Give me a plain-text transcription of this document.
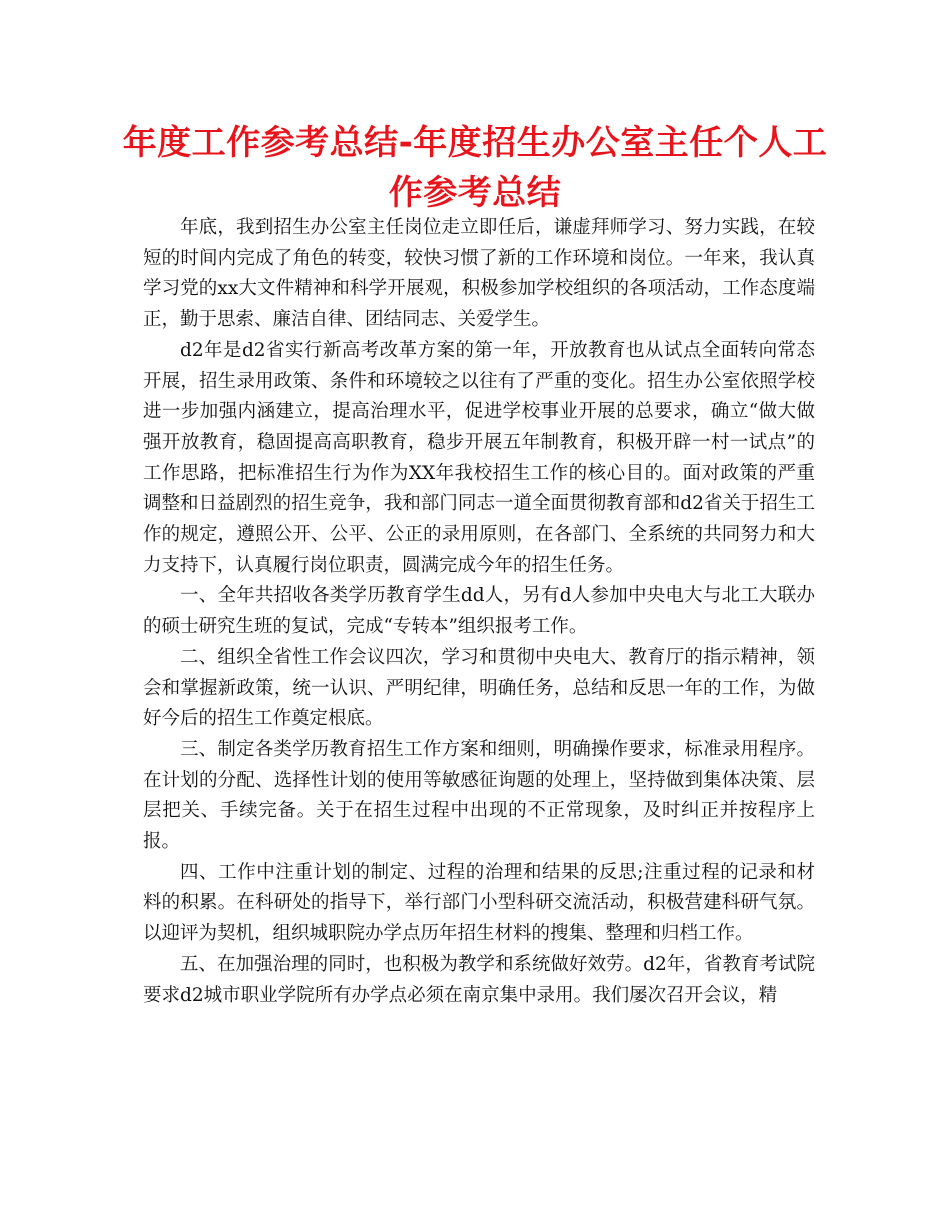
年度工作参考总结-年度招生办公室主任个人工作参考总结

年底，我到招生办公室主任岗位走立即任后，谦虚拜师学习、努力实践，在较短的时间内完成了角色的转变，较快习惯了新的工作环境和岗位。一年来，我认真学习党的xx大文件精神和科学开展观，积极参加学校组织的各项活动，工作态度端正，勤于思索、廉洁自律、团结同志、关爱学生。

d2年是d2省实行新高考改革方案的第一年，开放教育也从试点全面转向常态开展，招生录用政策、条件和环境较之以往有了严重的变化。招生办公室依照学校进一步加强内涵建立，提高治理水平，促进学校事业开展的总要求，确立“做大做强开放教育，稳固提高高职教育，稳步开展五年制教育，积极开辟一村一试点”的工作思路，把标准招生行为作为XX年我校招生工作的核心目的。面对政策的严重调整和日益剧烈的招生竞争，我和部门同志一道全面贯彻教育部和d2省关于招生工作的规定，遵照公开、公平、公正的录用原则，在各部门、全系统的共同努力和大力支持下，认真履行岗位职责，圆满完成今年的招生任务。

一、全年共招收各类学历教育学生dd人，另有d人参加中央电大与北工大联办的硕士研究生班的复试，完成“专转本”组织报考工作。

二、组织全省性工作会议四次，学习和贯彻中央电大、教育厅的指示精神，领会和掌握新政策，统一认识、严明纪律，明确任务，总结和反思一年的工作，为做好今后的招生工作奠定根底。

三、制定各类学历教育招生工作方案和细则，明确操作要求，标准录用程序。在计划的分配、选择性计划的使用等敏感征询题的处理上，坚持做到集体决策、层层把关、手续完备。关于在招生过程中出现的不正常现象，及时纠正并按程序上报。

四、工作中注重计划的制定、过程的治理和结果的反思;注重过程的记录和材料的积累。在科研处的指导下，举行部门小型科研交流活动，积极营建科研气氛。以迎评为契机，组织城职院办学点历年招生材料的搜集、整理和归档工作。

五、在加强治理的同时，也积极为教学和系统做好效劳。d2年，省教育考试院要求d2城市职业学院所有办学点必须在南京集中录用。我们屡次召开会议，精
